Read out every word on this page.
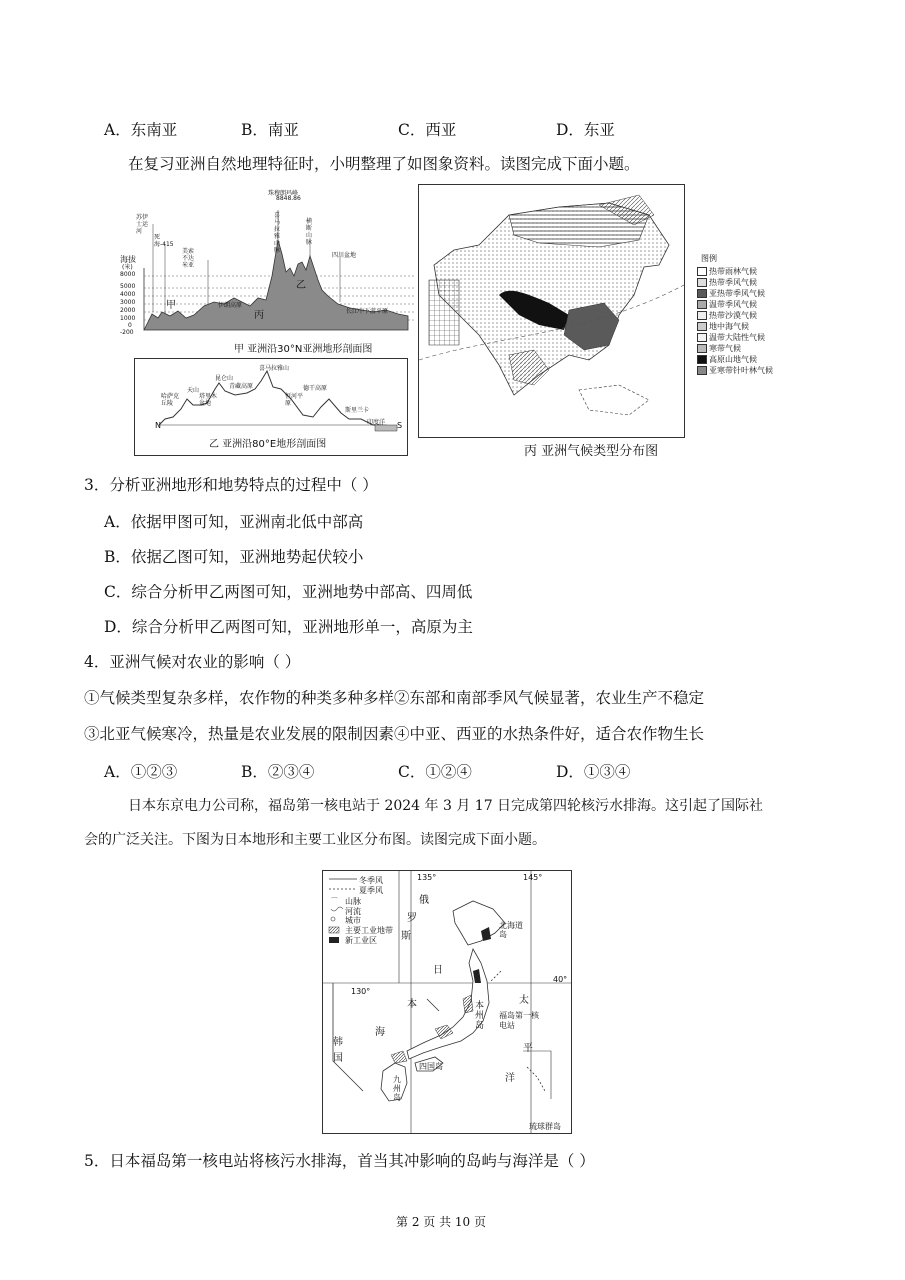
A．东南亚	B．南亚	C．西亚	D．东亚
在复习亚洲自然地理特征时，小明整理了如图象资料。读图完成下面小题。
海拔
(米)
8000
5000
4000
3000
2000
1000
0
-200
甲
乙
丙
苏伊士运河
死海-415
美索不达米亚
伊朗高原
珠穆朗玛峰
8848.86
喜马拉雅山脉
横断山脉
四川盆地
长江中下游平原
甲 亚洲沿30°N亚洲地形剖面图
N	S
哈萨克丘陵
天山
塔里木盆地
昆仑山
青藏高原
喜马拉雅山
德干高原
恒河平原
斯里兰卡
印度洋
乙 亚洲沿80°E地形剖面图
图例
热带雨林气候
热带季风气候
亚热带季风气候
温带季风气候
热带沙漠气候
地中海气候
温带大陆性气候
寒带气候
高原山地气候
亚寒带针叶林气候
丙 亚洲气候类型分布图
3．分析亚洲地形和地势特点的过程中（ ）
A．依据甲图可知，亚洲南北低中部高
B．依据乙图可知，亚洲地势起伏较小
C．综合分析甲乙两图可知，亚洲地势中部高、四周低
D．综合分析甲乙两图可知，亚洲地形单一，高原为主
4．亚洲气候对农业的影响（ ）
①气候类型复杂多样，农作物的种类多种多样②东部和南部季风气候显著，农业生产不稳定
③北亚气候寒冷，热量是农业发展的限制因素④中亚、西亚的水热条件好，适合农作物生长
A．①②③	B．②③④	C．①②④	D．①③④
日本东京电力公司称，福岛第一核电站于 2024 年 3 月 17 日完成第四轮核污水排海。这引起了国际社
会的广泛关注。下图为日本地形和主要工业区分布图。读图完成下面小题。
⌒
冬季风
夏季风
山脉
河流
城市
主要工业地带
新工业区
135°	145°
40°
130°
俄
罗
斯
日
本
海
太
平
洋
韩
国
北海道岛
本州岛
四国岛
九州岛
福岛第一核电站
琉球群岛
5．日本福岛第一核电站将核污水排海，首当其冲影响的岛屿与海洋是（ ）
第 2 页 共 10 页
